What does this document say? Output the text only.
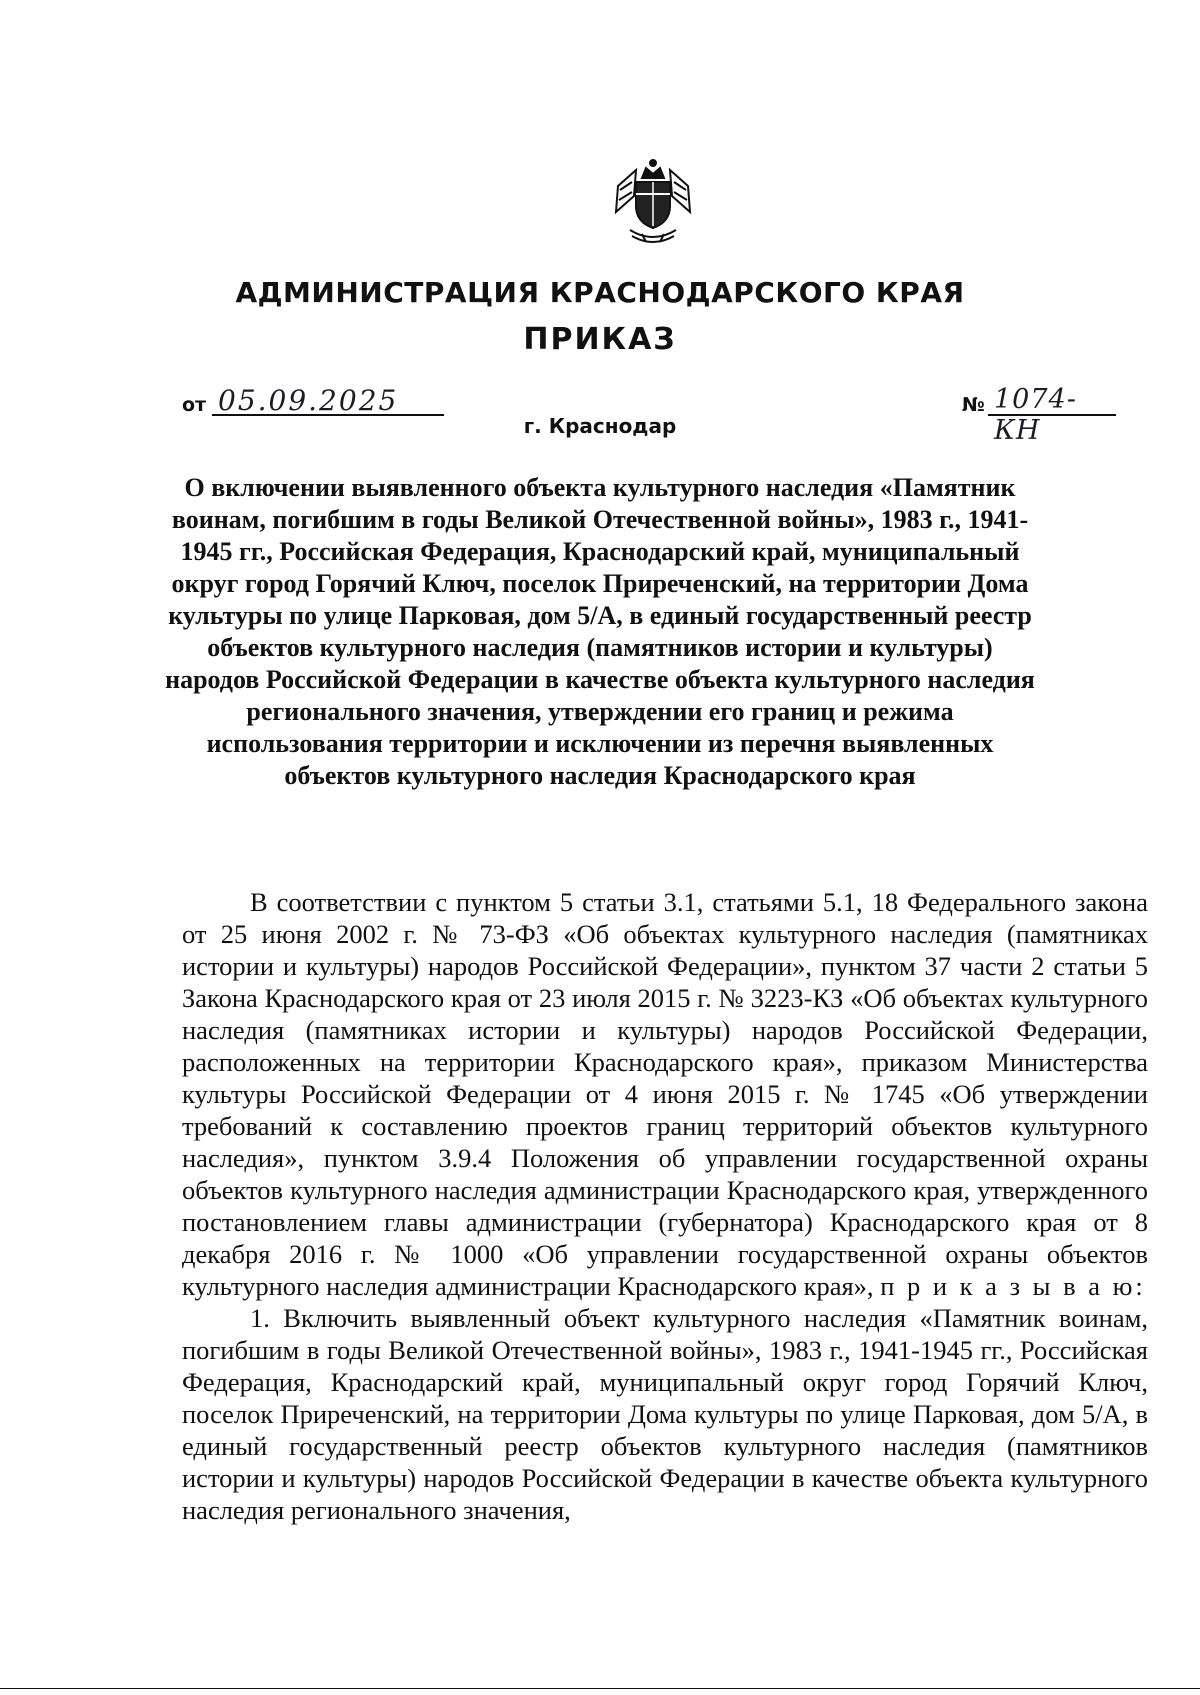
АДМИНИСТРАЦИЯ КРАСНОДАРСКОГО КРАЯ
ПРИКАЗ
от 05.09.2025	№ 1074-КН
г. Краснодар
О включении выявленного объекта культурного наследия «Памятник воинам, погибшим в годы Великой Отечественной войны», 1983 г., 1941-1945 гг., Российская Федерация, Краснодарский край, муниципальный округ город Горячий Ключ, поселок Приреченский, на территории Дома культуры по улице Парковая, дом 5/А, в единый государственный реестр объектов культурного наследия (памятников истории и культуры) народов Российской Федерации в качестве объекта культурного наследия регионального значения, утверждении его границ и режима использования территории и исключении из перечня выявленных объектов культурного наследия Краснодарского края

В соответствии с пунктом 5 статьи 3.1, статьями 5.1, 18 Федерального закона от 25 июня 2002 г. № 73-ФЗ «Об объектах культурного наследия (памятниках истории и культуры) народов Российской Федерации», пунктом 37 части 2 статьи 5 Закона Краснодарского края от 23 июля 2015 г. № 3223-КЗ «Об объектах культурного наследия (памятниках истории и культуры) народов Российской Федерации, расположенных на территории Краснодарского края», приказом Министерства культуры Российской Федерации от 4 июня 2015 г. № 1745 «Об утверждении требований к составлению проектов границ территорий объектов культурного наследия», пунктом 3.9.4 Положения об управлении государственной охраны объектов культурного наследия администрации Краснодарского края, утвержденного постановлением главы администрации (губернатора) Краснодарского края от 8 декабря 2016 г. № 1000 «Об управлении государственной охраны объектов культурного наследия администрации Краснодарского края», п р и к а з ы в а ю:

1. Включить выявленный объект культурного наследия «Памятник воинам, погибшим в годы Великой Отечественной войны», 1983 г., 1941-1945 гг., Российская Федерация, Краснодарский край, муниципальный округ город Горячий Ключ, поселок Приреченский, на территории Дома культуры по улице Парковая, дом 5/А, в единый государственный реестр объектов культурного наследия (памятников истории и культуры) народов Российской Федерации в качестве объекта культурного наследия регионального значения,
